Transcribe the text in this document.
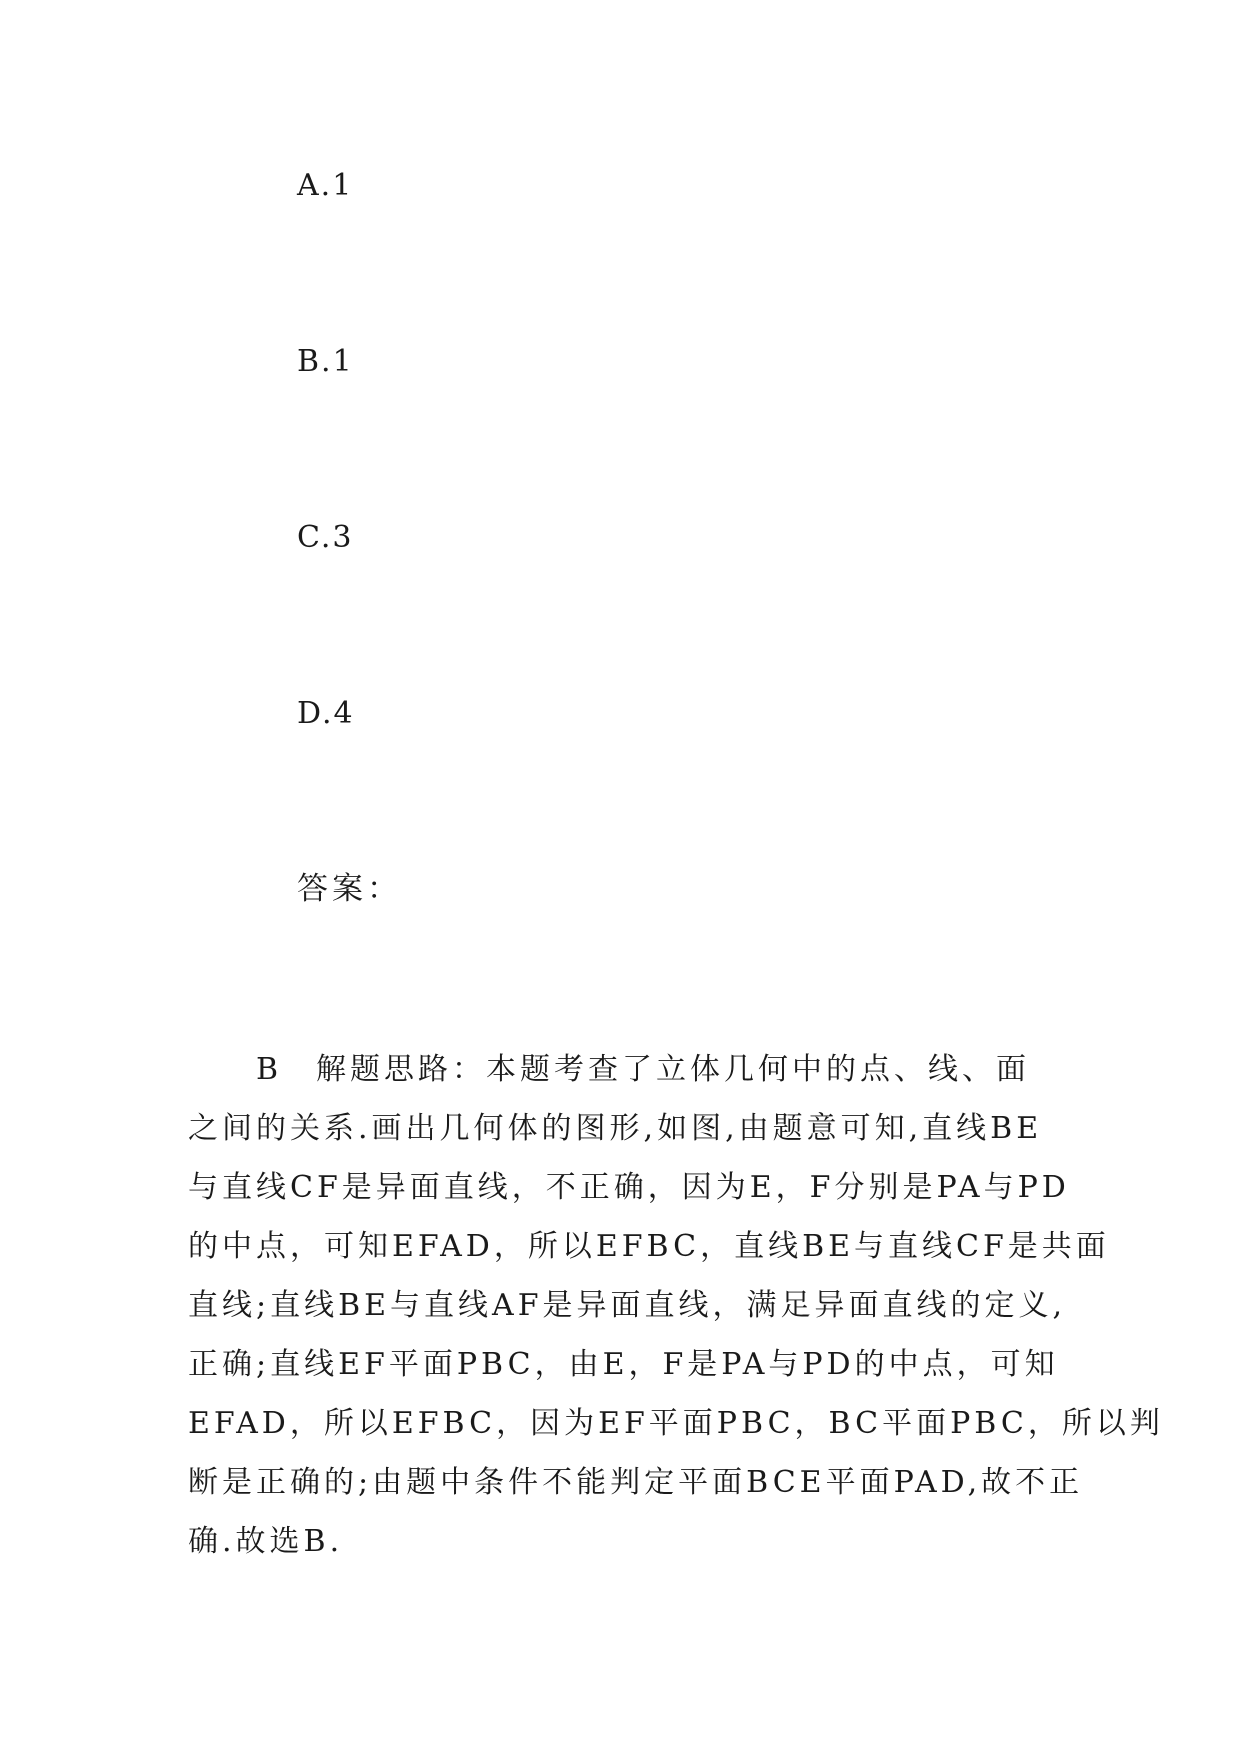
A.1
B.1
C.3
D.4
答案：
　　B　解题思路：本题考查了立体几何中的点、线、面
之间的关系.画出几何体的图形,如图,由题意可知,直线BE
与直线CF是异面直线，不正确，因为E，F分别是PA与PD
的中点，可知EFAD，所以EFBC，直线BE与直线CF是共面
直线;直线BE与直线AF是异面直线，满足异面直线的定义,
正确;直线EF平面PBC，由E，F是PA与PD的中点，可知
EFAD，所以EFBC，因为EF平面PBC，BC平面PBC，所以判
断是正确的;由题中条件不能判定平面BCE平面PAD,故不正
确.故选B.
